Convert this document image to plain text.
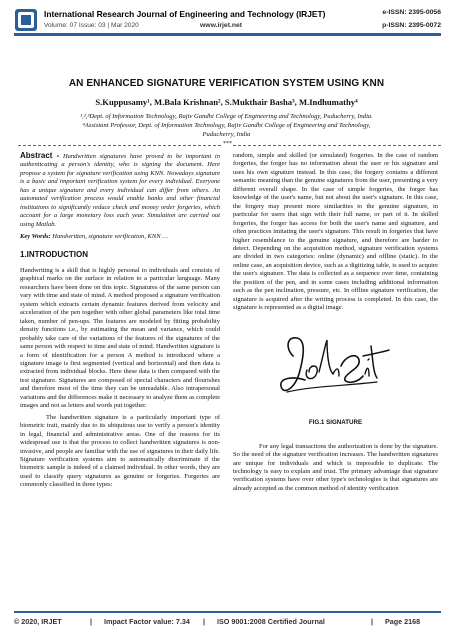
International Research Journal of Engineering and Technology (IRJET)
Volume: 07 Issue: 03 | Mar 2020	www.irjet.net
e-ISSN: 2395-0056
p-ISSN: 2395-0072
AN ENHANCED SIGNATURE VERIFICATION SYSTEM USING KNN
S.Kuppusamy¹, M.Bala Krishnan², S.Mukthair Basha³, M.Indhumathy⁴
¹,²,³Dept. of Information Technology, Rajiv Gandhi College of Engineering and Technology, Puducherry, India.
⁴Assistant Professor, Dept. of Information Technology, Rajiv Gandhi College of Engineering and Technology,
Puducherry, India
***

Abstract - Handwritten signatures have proved to be important in authenticating a person's identity, who is signing the document. Here propose a system for signature verification using KNN. Nowadays signature is a basic and important verification system for every individual. Everyone has a unique signature and every individual can differ from others. An automated verification process would enable banks and other financial institutions to significantly reduce check and money order forgeries, which account for a large monetary loss each year. Simulation are carried out using Matlab.

Key Words: Handwritten, signature verification, KNN …

1.INTRODUCTION

Handwriting is a skill that is highly personal to individuals and consists of graphical marks on the surface in relation to a particular language. Many researchers have been done on this topic. Signatures of the same person can vary with time and state of mind. A method proposed a signature verification system which extracts certain dynamic features derived from velocity and acceleration of the pen together with other global parameters like total time taken, number of pen-ups. The features are modeled by fitting probability density functions i.e., by estimating the mean and variance, which could probably take care of the variations of the features of the signatures of the same person with respect to time and state of mind. Handwritten signature is a form of identification for a person A method is introduced where a signature image is first segmented (vertical and horizontal) and then data is extracted from individual blocks. Here these data is then compared with the test signature. Signatures are composed of special characters and flourishes and therefore most of the time they can be unreadable. Also intrapersonal variations and the differences make it necessary to analyze them as complete images and not as letters and words put together.

The handwritten signature is a particularly important type of biometric trait, mainly due to its ubiquitous use to verify a person's identity in legal, financial and administrative areas. One of the reasons for its widespread use is that the process to collect handwritten signatures is non-invasive, and people are familiar with the use of signatures in their daily life. Signature verification systems aim to automatically discriminate if the biometric sample is indeed of a claimed individual. In other words, they are used to classify query signatures as genuine or forgeries. Forgeries are commonly classified in three types:

random, simple and skilled (or simulated) forgeries. In the case of random forgeries, the forger has no information about the user or his signature and uses his own signature instead. In this case, the forgery contains a different semantic meaning than the genuine signatures from the user, presenting a very different overall shape. In the case of simple forgeries, the forger has knowledge of the user's name, but not about the user's signature. In this case, the forgery may present more similarities to the genuine signature, in particular for users that sign with their full name, or part of it. In skilled forgeries, the forger has access for both the user's name and signature, and often practices imitating the user's signature. This result in forgeries that have higher resemblance to the genuine signature, and therefore are harder to detect. Depending on the acquisition method, signature verification systems are divided in two categories: online (dynamic) and offline (static). In the online case, an acquisition device, such as a digitizing table, is used to acquire the user's signature. The data is collected as a sequence over time, containing the position of the pen, and in some cases including additional information such as the pen inclination, pressure, etc. In offline signature verification, the signature is acquired after the writing process is completed. In this case, the signature is represented as a digital image.

FIG.1 SIGNATURE

For any legal transactions the authorization is done by the signature. So the need of the signature verification increases. The handwritten signatures are unique for individuals and which is impossible to duplicate. The technology is easy to explain and trust. The primary advantage that signature verification systems have over other type's technologies is that signatures are already accepted as the common method of identity verification

© 2020, IRJET	| Impact Factor value: 7.34 | ISO 9001:2008 Certified Journal	| Page 2168
